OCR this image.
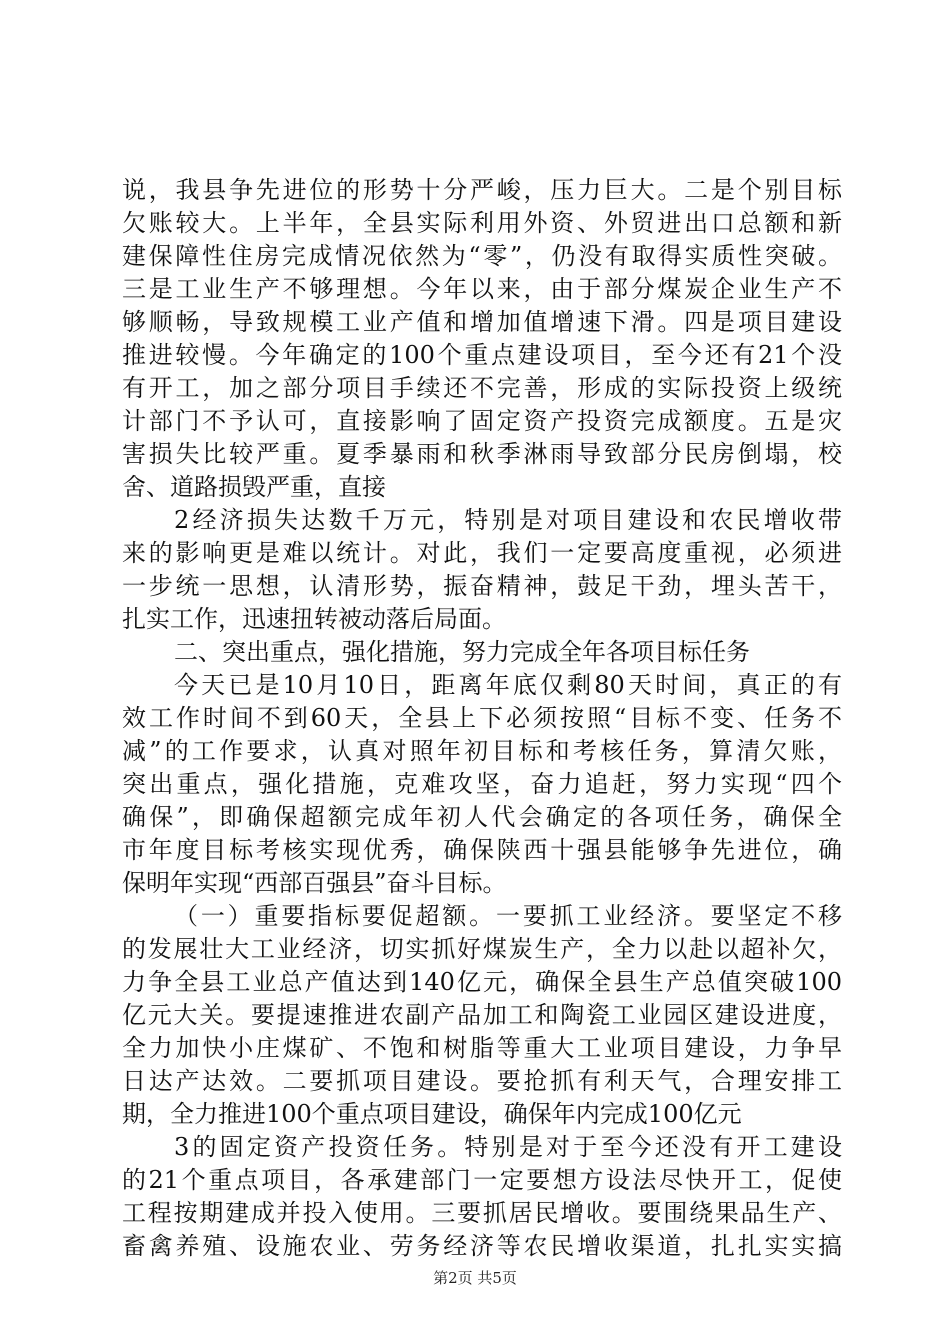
说，我县争先进位的形势十分严峻，压力巨大。二是个别目标
欠账较大。上半年，全县实际利用外资、外贸进出口总额和新
建保障性住房完成情况依然为“零”，仍没有取得实质性突破。
三是工业生产不够理想。今年以来，由于部分煤炭企业生产不
够顺畅，导致规模工业产值和增加值增速下滑。四是项目建设
推进较慢。今年确定的100个重点建设项目，至今还有21个没
有开工，加之部分项目手续还不完善，形成的实际投资上级统
计部门不予认可，直接影响了固定资产投资完成额度。五是灾
害损失比较严重。夏季暴雨和秋季淋雨导致部分民房倒塌，校
舍、道路损毁严重，直接
2经济损失达数千万元，特别是对项目建设和农民增收带
来的影响更是难以统计。对此，我们一定要高度重视，必须进
一步统一思想，认清形势，振奋精神，鼓足干劲，埋头苦干，
扎实工作，迅速扭转被动落后局面。
二、突出重点，强化措施，努力完成全年各项目标任务
今天已是10月10日，距离年底仅剩80天时间，真正的有
效工作时间不到60天，全县上下必须按照“目标不变、任务不
减”的工作要求，认真对照年初目标和考核任务，算清欠账，
突出重点，强化措施，克难攻坚，奋力追赶，努力实现“四个
确保”，即确保超额完成年初人代会确定的各项任务，确保全
市年度目标考核实现优秀，确保陕西十强县能够争先进位，确
保明年实现“西部百强县”奋斗目标。
（一）重要指标要促超额。一要抓工业经济。要坚定不移
的发展壮大工业经济，切实抓好煤炭生产，全力以赴以超补欠，
力争全县工业总产值达到140亿元，确保全县生产总值突破100
亿元大关。要提速推进农副产品加工和陶瓷工业园区建设进度，
全力加快小庄煤矿、不饱和树脂等重大工业项目建设，力争早
日达产达效。二要抓项目建设。要抢抓有利天气，合理安排工
期，全力推进100个重点项目建设，确保年内完成100亿元
3的固定资产投资任务。特别是对于至今还没有开工建设
的21个重点项目，各承建部门一定要想方设法尽快开工，促使
工程按期建成并投入使用。三要抓居民增收。要围绕果品生产、
畜禽养殖、设施农业、劳务经济等农民增收渠道，扎扎实实搞
第2页 共5页
